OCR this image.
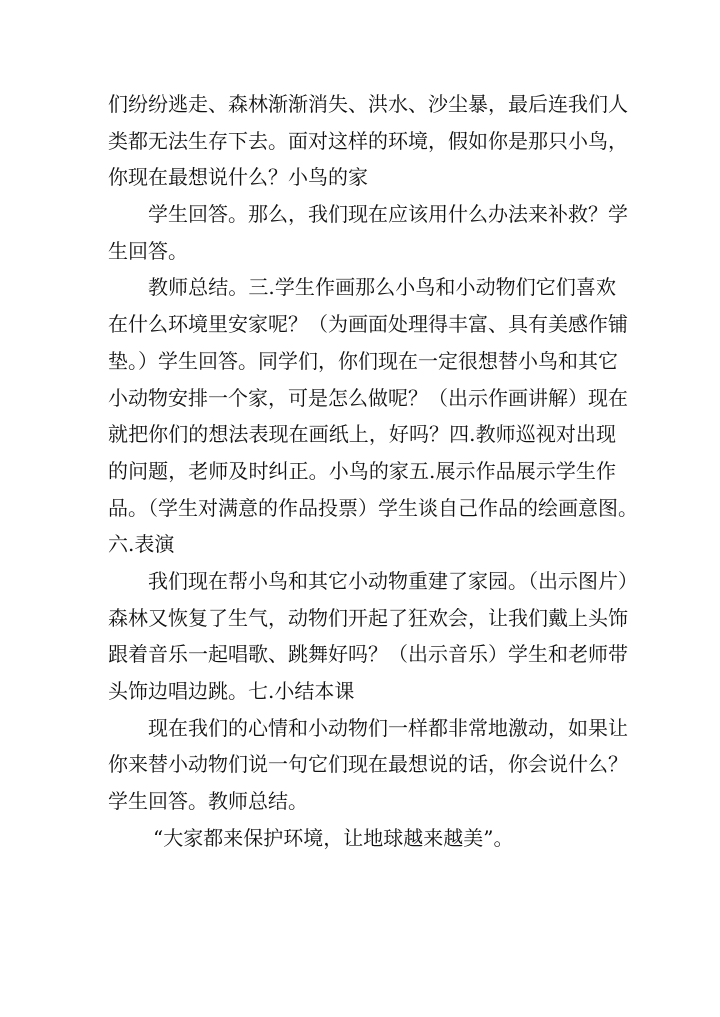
们纷纷逃走、森林渐渐消失、洪水、沙尘暴，最后连我们人
类都无法生存下去。面对这样的环境，假如你是那只小鸟，
你现在最想说什么？小鸟的家
学生回答。那么，我们现在应该用什么办法来补救？学
生回答。
教师总结。三.学生作画那么小鸟和小动物们它们喜欢
在什么环境里安家呢？（为画面处理得丰富、具有美感作铺
垫。）学生回答。同学们，你们现在一定很想替小鸟和其它
小动物安排一个家，可是怎么做呢？（出示作画讲解）现在
就把你们的想法表现在画纸上，好吗？四.教师巡视对出现
的问题，老师及时纠正。小鸟的家五.展示作品展示学生作
品。（学生对满意的作品投票）学生谈自己作品的绘画意图。
六.表演
我们现在帮小鸟和其它小动物重建了家园。（出示图片）
森林又恢复了生气，动物们开起了狂欢会，让我们戴上头饰
跟着音乐一起唱歌、跳舞好吗？（出示音乐）学生和老师带
头饰边唱边跳。七.小结本课
现在我们的心情和小动物们一样都非常地激动，如果让
你来替小动物们说一句它们现在最想说的话，你会说什么？
学生回答。教师总结。
“大家都来保护环境，让地球越来越美”。
